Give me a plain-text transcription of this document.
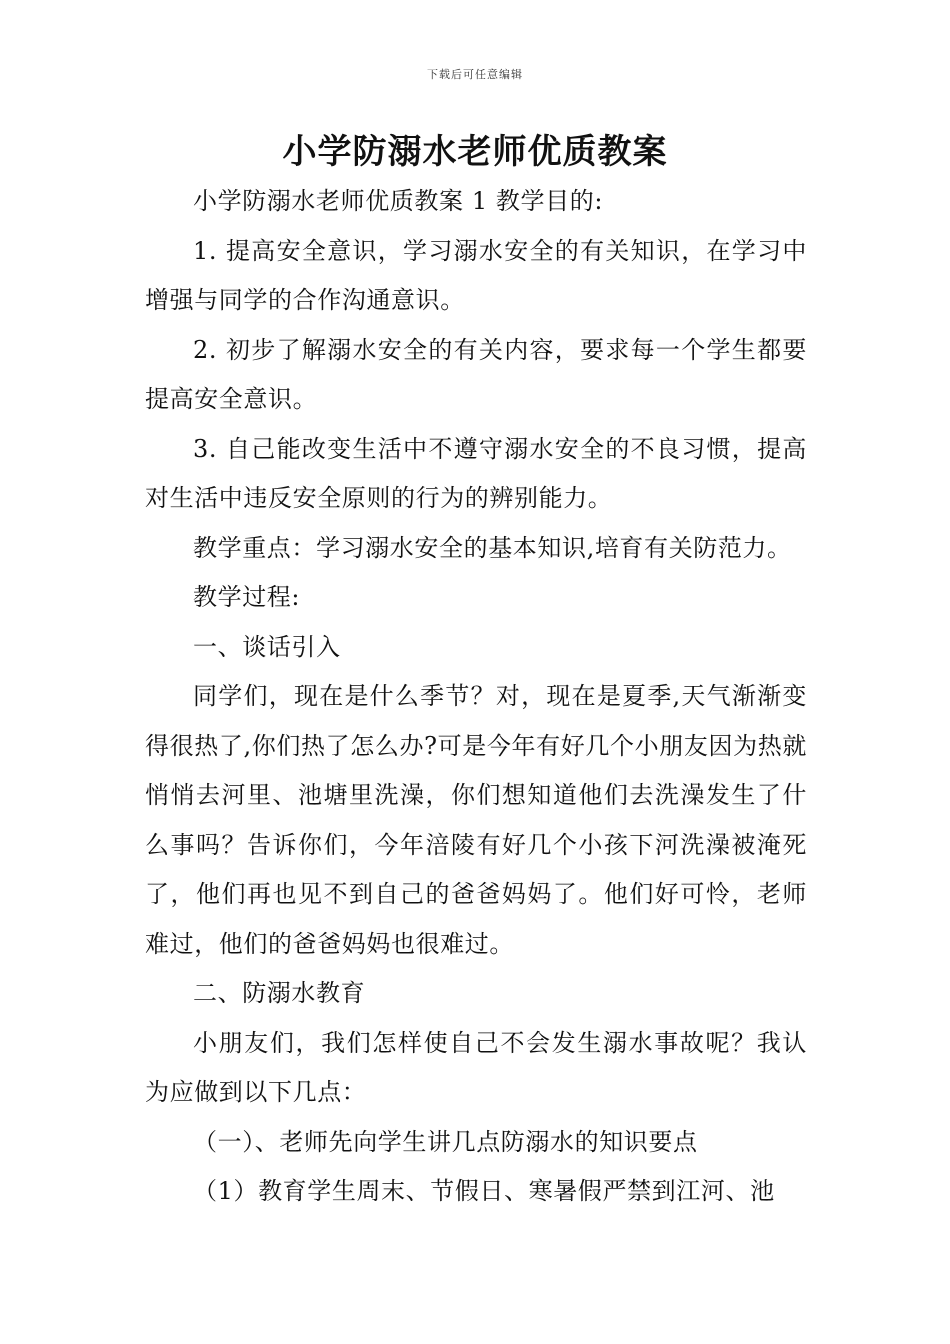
下载后可任意编辑
小学防溺水老师优质教案

小学防溺水老师优质教案 1 教学目的:

1. 提高安全意识，学习溺水安全的有关知识，在学习中增强与同学的合作沟通意识。

2. 初步了解溺水安全的有关内容，要求每一个学生都要提高安全意识。

3. 自己能改变生活中不遵守溺水安全的不良习惯，提高对生活中违反安全原则的行为的辨别能力。

教学重点：学习溺水安全的基本知识,培育有关防范力。

教学过程:

一、谈话引入

同学们，现在是什么季节？对，现在是夏季,天气渐渐变得很热了,你们热了怎么办?可是今年有好几个小朋友因为热就悄悄去河里、池塘里洗澡，你们想知道他们去洗澡发生了什么事吗？告诉你们，今年涪陵有好几个小孩下河洗澡被淹死了，他们再也见不到自己的爸爸妈妈了。他们好可怜，老师难过，他们的爸爸妈妈也很难过。

二、防溺水教育

小朋友们，我们怎样使自己不会发生溺水事故呢？我认为应做到以下几点：

（一）、老师先向学生讲几点防溺水的知识要点

（1）教育学生周末、节假日、寒暑假严禁到江河、池
